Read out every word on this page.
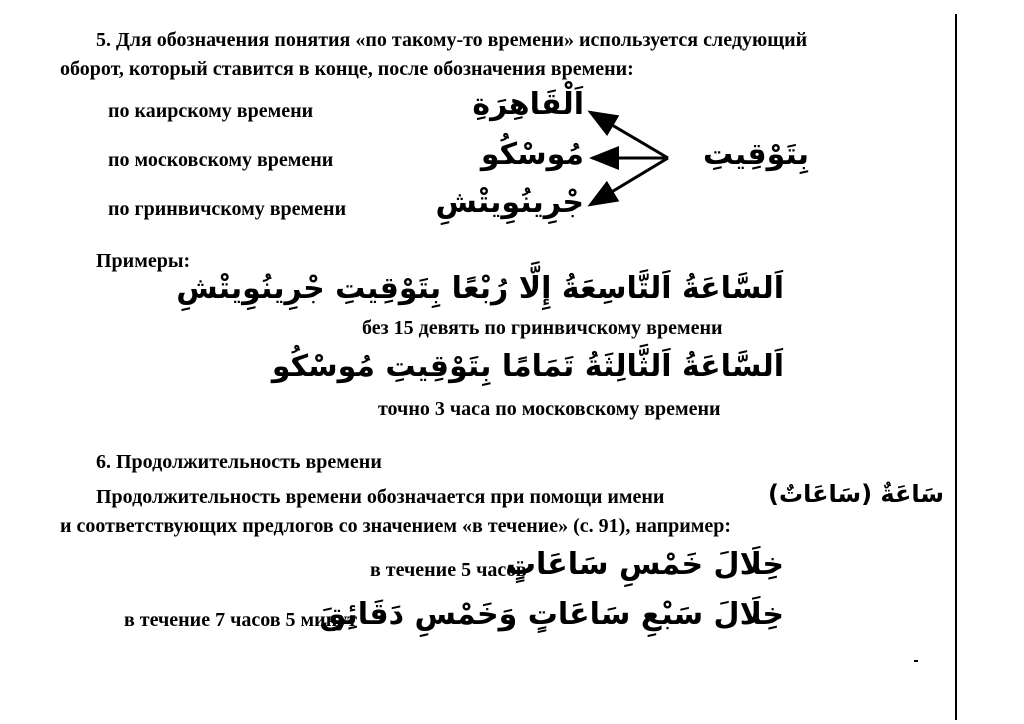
5. Для обозначения понятия «по такому-то времени» используется следующий
оборот, который ставится в конце, после обозначения времени:
по каирскому времени
по московскому времени
по гринвичскому времени
اَلْقَاهِرَةِ
مُوسْكُو
جْرِينُوِيتْشِ
بِتَوْقِيتِ
Примеры:
اَلسَّاعَةُ اَلتَّاسِعَةُ إِلَّا رُبْعًا بِتَوْقِيتِ جْرِينُوِيتْشِ
без 15 девять по гринвичскому времени
اَلسَّاعَةُ اَلثَّالِثَةُ تَمَامًا بِتَوْقِيتِ مُوسْكُو
точно 3 часа по московскому времени
6. Продолжительность времени
Продолжительность времени обозначается при помощи имени	سَاعَةٌ (سَاعَاتٌ)
и соответствующих предлогов со значением «в течение» (с. 91), например:
в течение 5 часов
خِلَالَ خَمْسِ سَاعَاتٍ
в течение 7 часов 5 минут
خِلَالَ سَبْعِ سَاعَاتٍ وَخَمْسِ دَقَائِقَ
